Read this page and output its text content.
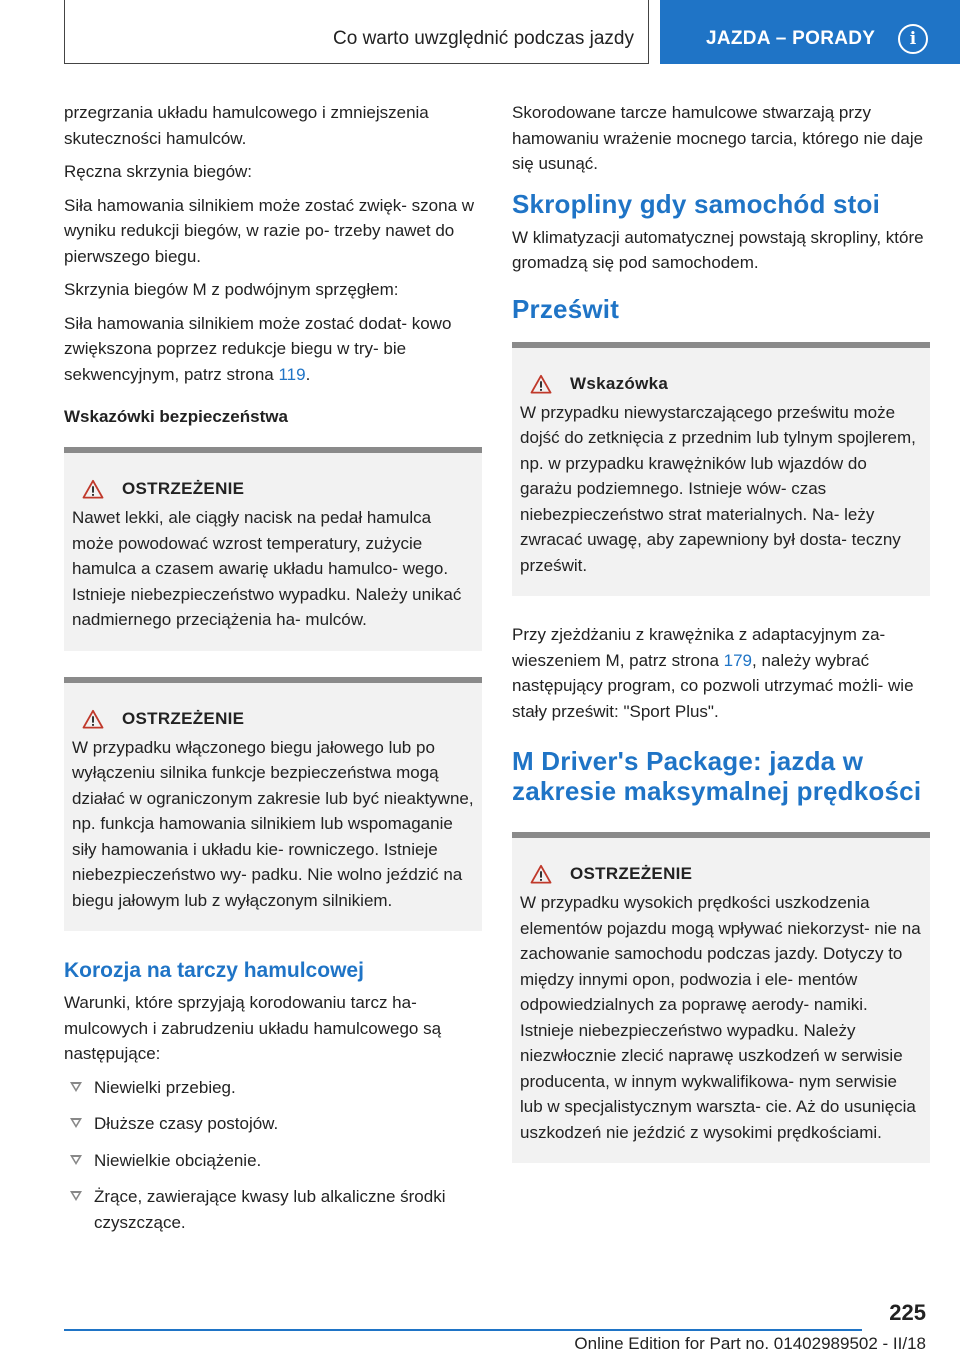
Co warto uwzględnić podczas jazdy	JAZDA – PORADY	i

przegrzania układu hamulcowego i zmniejszenia skuteczności hamulców.

Ręczna skrzynia biegów:

Siła hamowania silnikiem może zostać zwięk- szona w wyniku redukcji biegów, w razie po- trzeby nawet do pierwszego biegu.

Skrzynia biegów M z podwójnym sprzęgłem:

Siła hamowania silnikiem może zostać dodat- kowo zwiększona poprzez redukcje biegu w try- bie sekwencyjnym, patrz strona 119.

Wskazówki bezpieczeństwa
OSTRZEŻENIE

Nawet lekki, ale ciągły nacisk na pedał hamulca może powodować wzrost temperatury, zużycie hamulca a czasem awarię układu hamulco- wego. Istnieje niebezpieczeństwo wypadku. Należy unikać nadmiernego przeciążenia ha- mulców.

OSTRZEŻENIE

W przypadku włączonego biegu jałowego lub po wyłączeniu silnika funkcje bezpieczeństwa mogą działać w ograniczonym zakresie lub być nieaktywne, np. funkcja hamowania silnikiem lub wspomaganie siły hamowania i układu kie- rowniczego. Istnieje niebezpieczeństwo wy- padku. Nie wolno jeździć na biegu jałowym lub z wyłączonym silnikiem.

Korozja na tarczy hamulcowej

Warunki, które sprzyjają korodowaniu tarcz ha- mulcowych i zabrudzeniu układu hamulcowego są następujące:

Niewielki przebieg.
Dłuższe czasy postojów.
Niewielkie obciążenie.
Żrące, zawierające kwasy lub alkaliczne środki czyszczące.

Skorodowane tarcze hamulcowe stwarzają przy hamowaniu wrażenie mocnego tarcia, którego nie daje się usunąć.

Skropliny gdy samochód stoi

W klimatyzacji automatycznej powstają skropliny, które gromadzą się pod samochodem.

Prześwit
Wskazówka

W przypadku niewystarczającego prześwitu może dojść do zetknięcia z przednim lub tylnym spojlerem, np. w przypadku krawężników lub wjazdów do garażu podziemnego. Istnieje wów- czas niebezpieczeństwo strat materialnych. Na- leży zwracać uwagę, aby zapewniony był dosta- teczny prześwit.

Przy zjeżdżaniu z krawężnika z adaptacyjnym za- wieszeniem M, patrz strona 179, należy wybrać następujący program, co pozwoli utrzymać możli- wie stały prześwit: "Sport Plus".

M Driver's Package: jazda w zakresie maksymalnej prędkości
OSTRZEŻENIE

W przypadku wysokich prędkości uszkodzenia elementów pojazdu mogą wpływać niekorzyst- nie na zachowanie samochodu podczas jazdy. Dotyczy to między innymi opon, podwozia i ele- mentów odpowiedzialnych za poprawę aerody- namiki. Istnieje niebezpieczeństwo wypadku. Należy niezwłocznie zlecić naprawę uszkodzeń w serwisie producenta, w innym wykwalifikowa- nym serwisie lub w specjalistycznym warszta- cie. Aż do usunięcia uszkodzeń nie jeździć z wysokimi prędkościami.

225
Online Edition for Part no. 01402989502 - II/18
